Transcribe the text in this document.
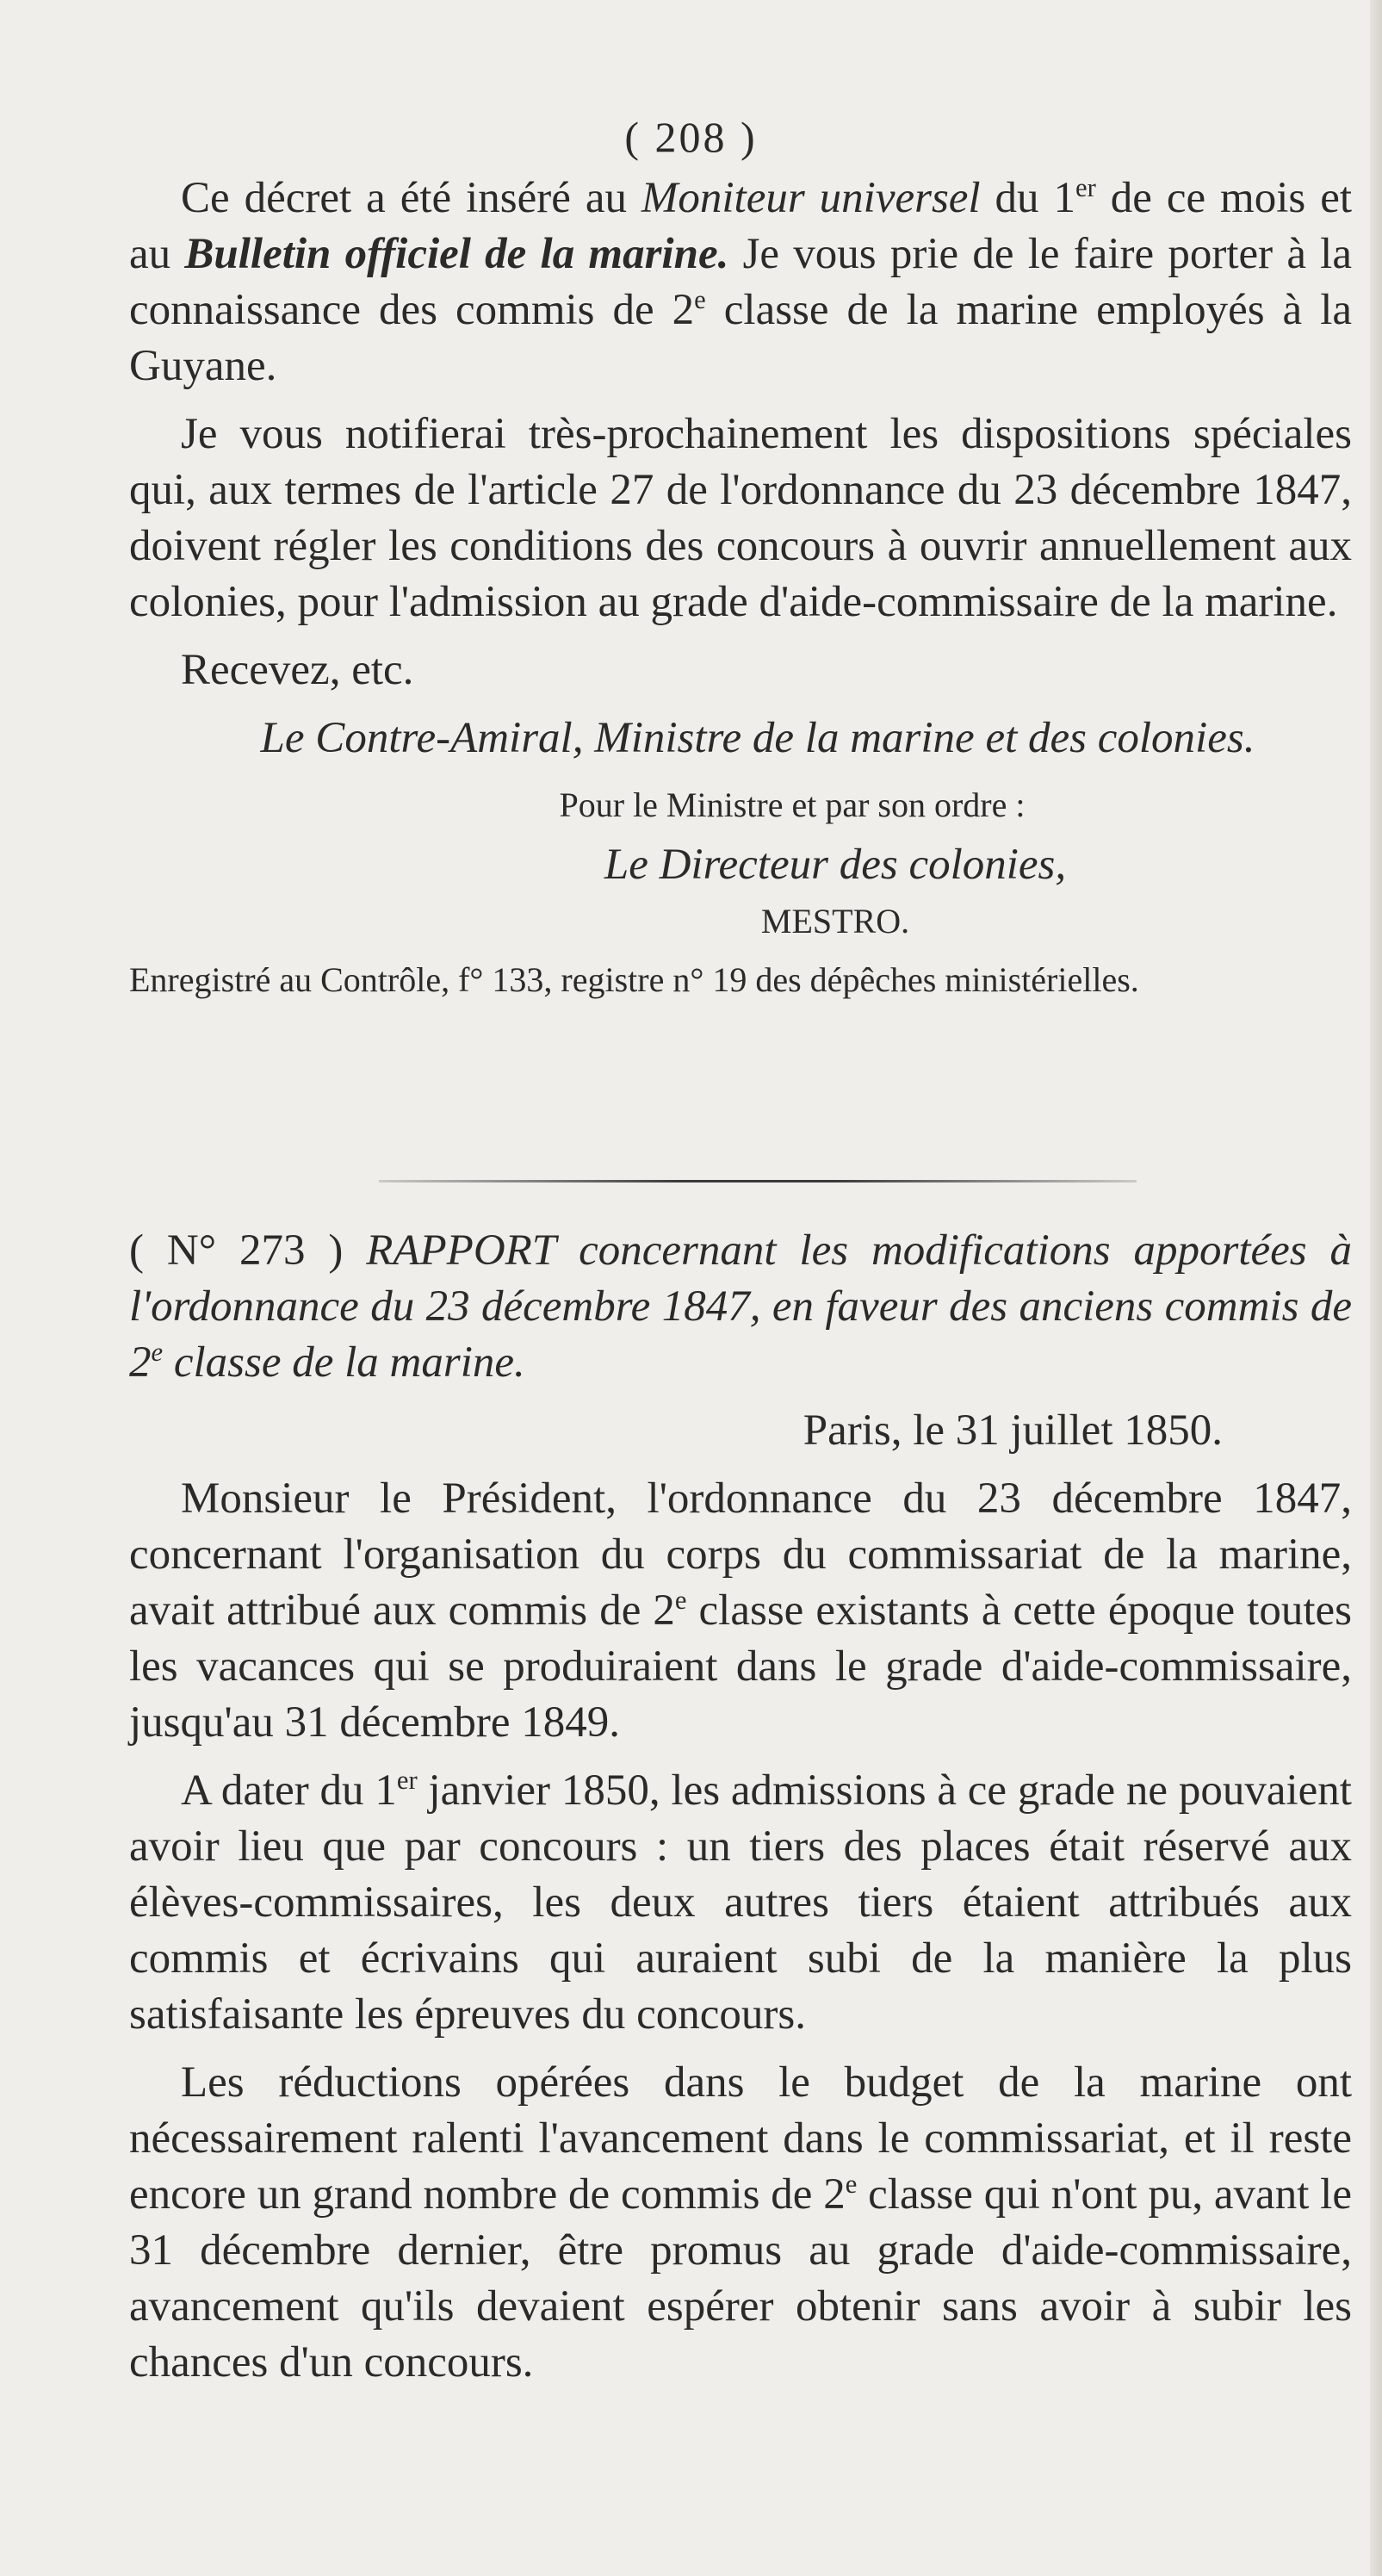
( 208 )

Ce décret a été inséré au Moniteur universel du 1er de ce mois et au Bulletin officiel de la marine. Je vous prie de le faire porter à la connaissance des commis de 2e classe de la marine employés à la Guyane.

Je vous notifierai très-prochainement les dispositions spéciales qui, aux termes de l'article 27 de l'ordonnance du 23 décembre 1847, doivent régler les conditions des concours à ouvrir annuellement aux colonies, pour l'admission au grade d'aide-commissaire de la marine.

Recevez, etc.

Le Contre-Amiral, Ministre de la marine et des colonies.

Pour le Ministre et par son ordre :

Le Directeur des colonies,

MESTRO.

Enregistré au Contrôle, f° 133, registre n° 19 des dépêches ministérielles.

( N° 273 ) RAPPORT concernant les modifications apportées à l'ordonnance du 23 décembre 1847, en faveur des anciens commis de 2e classe de la marine.

Paris, le 31 juillet 1850.

Monsieur le Président, l'ordonnance du 23 décembre 1847, concernant l'organisation du corps du commissariat de la marine, avait attribué aux commis de 2e classe existants à cette époque toutes les vacances qui se produiraient dans le grade d'aide-commissaire, jusqu'au 31 décembre 1849.

A dater du 1er janvier 1850, les admissions à ce grade ne pouvaient avoir lieu que par concours : un tiers des places était réservé aux élèves-commissaires, les deux autres tiers étaient attribués aux commis et écrivains qui auraient subi de la manière la plus satisfaisante les épreuves du concours.

Les réductions opérées dans le budget de la marine ont nécessairement ralenti l'avancement dans le commissariat, et il reste encore un grand nombre de commis de 2e classe qui n'ont pu, avant le 31 décembre dernier, être promus au grade d'aide-commissaire, avancement qu'ils devaient espérer obtenir sans avoir à subir les chances d'un concours.
